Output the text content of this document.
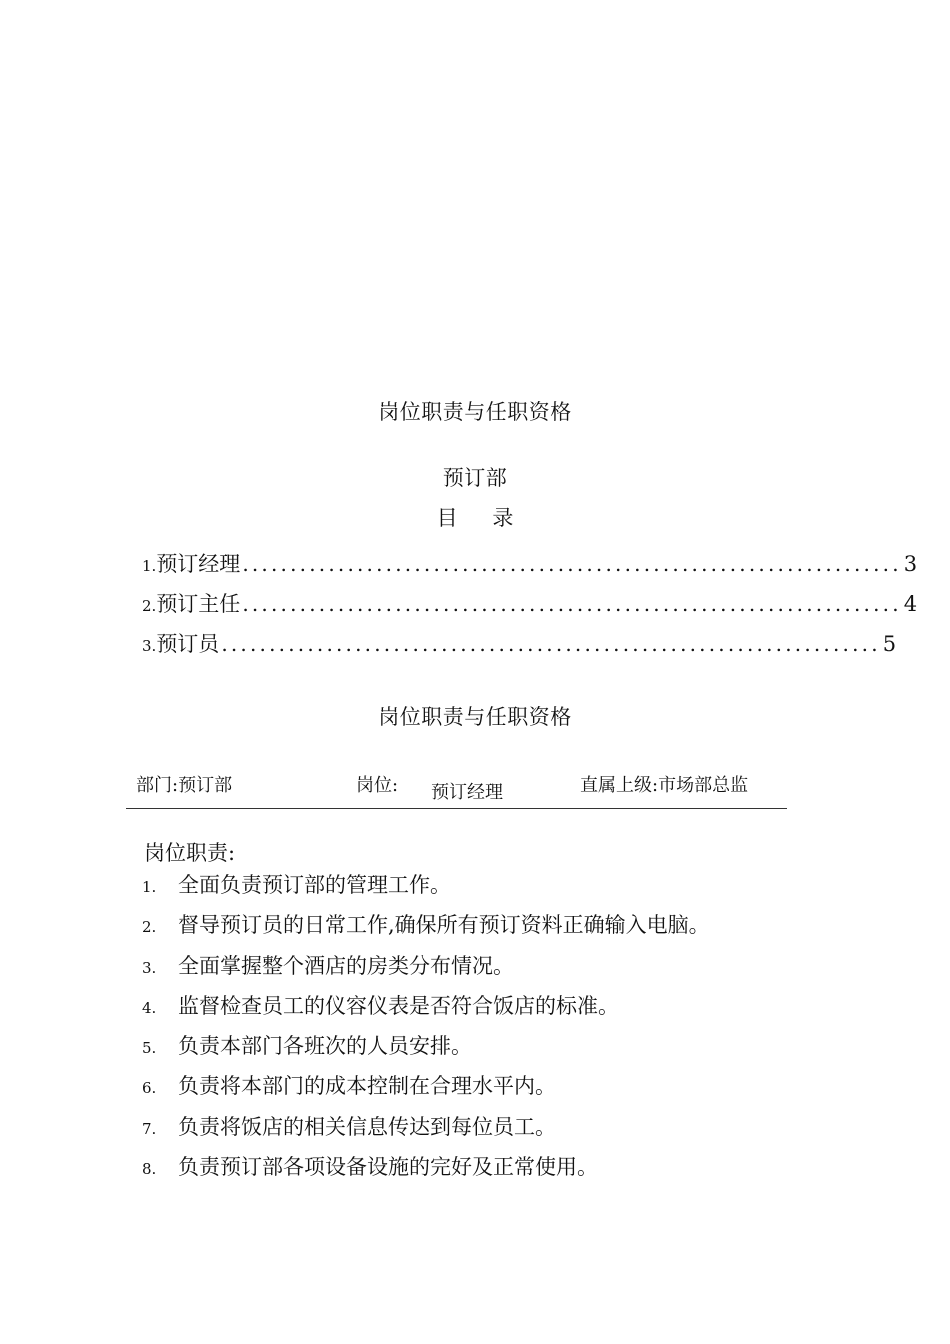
岗位职责与任职资格
预订部
目 录
1. 预订经理 ..................................................................... 3
2. 预订主任 ..................................................................... 4
3. 预订员 ..................................................................... 5
岗位职责与任职资格
部门:预订部	岗位: 预订经理	直属上级:市场部总监
岗位职责:
1.	全面负责预订部的管理工作。
2.	督导预订员的日常工作,确保所有预订资料正确输入电脑。
3.	全面掌握整个酒店的房类分布情况。
4.	监督检查员工的仪容仪表是否符合饭店的标准。
5.	负责本部门各班次的人员安排。
6.	负责将本部门的成本控制在合理水平内。
7.	负责将饭店的相关信息传达到每位员工。
8.	负责预订部各项设备设施的完好及正常使用。
